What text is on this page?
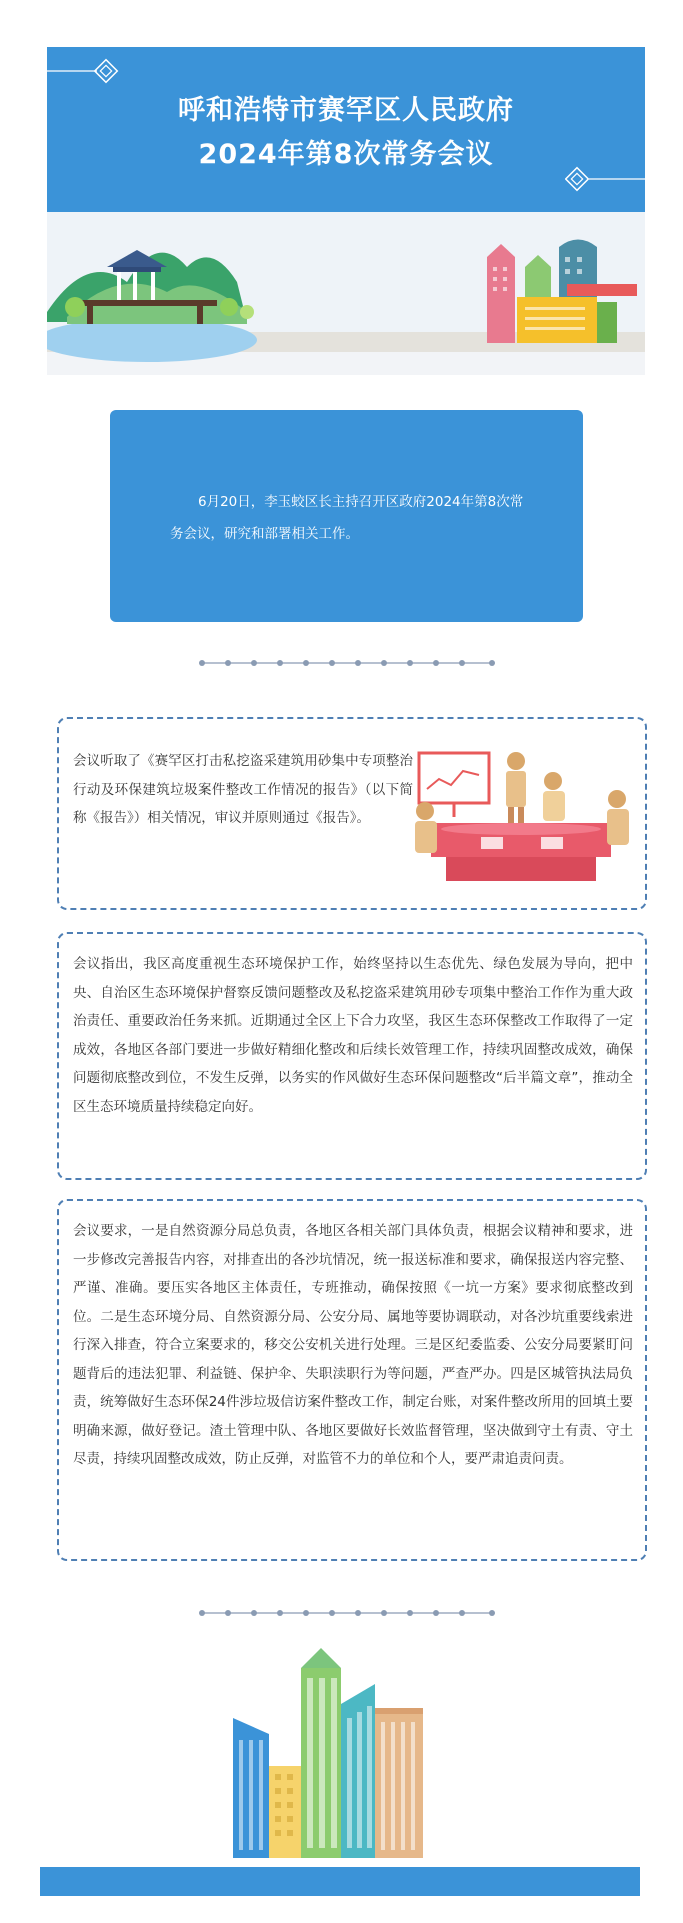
呼和浩特市赛罕区人民政府
2024年第8次常务会议
6月20日，李玉蛟区长主持召开区政府2024年第8次常务会议，研究和部署相关工作。

会议听取了《赛罕区打击私挖盗采建筑用砂集中专项整治行动及环保建筑垃圾案件整改工作情况的报告》（以下简称《报告》）相关情况，审议并原则通过《报告》。

会议指出，我区高度重视生态环境保护工作，始终坚持以生态优先、绿色发展为导向，把中央、自治区生态环境保护督察反馈问题整改及私挖盗采建筑用砂专项集中整治工作作为重大政治责任、重要政治任务来抓。近期通过全区上下合力攻坚，我区生态环保整改工作取得了一定成效，各地区各部门要进一步做好精细化整改和后续长效管理工作，持续巩固整改成效，确保问题彻底整改到位，不发生反弹，以务实的作风做好生态环保问题整改“后半篇文章”，推动全区生态环境质量持续稳定向好。

会议要求，一是自然资源分局总负责，各地区各相关部门具体负责，根据会议精神和要求，进一步修改完善报告内容，对排查出的各沙坑情况，统一报送标准和要求，确保报送内容完整、严谨、准确。要压实各地区主体责任，专班推动，确保按照《一坑一方案》要求彻底整改到位。二是生态环境分局、自然资源分局、公安分局、属地等要协调联动，对各沙坑重要线索进行深入排查，符合立案要求的，移交公安机关进行处理。三是区纪委监委、公安分局要紧盯问题背后的违法犯罪、利益链、保护伞、失职渎职行为等问题，严查严办。四是区城管执法局负责，统筹做好生态环保24件涉垃圾信访案件整改工作，制定台账，对案件整改所用的回填土要明确来源，做好登记。渣土管理中队、各地区要做好长效监督管理，坚决做到守土有责、守土尽责，持续巩固整改成效，防止反弹，对监管不力的单位和个人，要严肃追责问责。
